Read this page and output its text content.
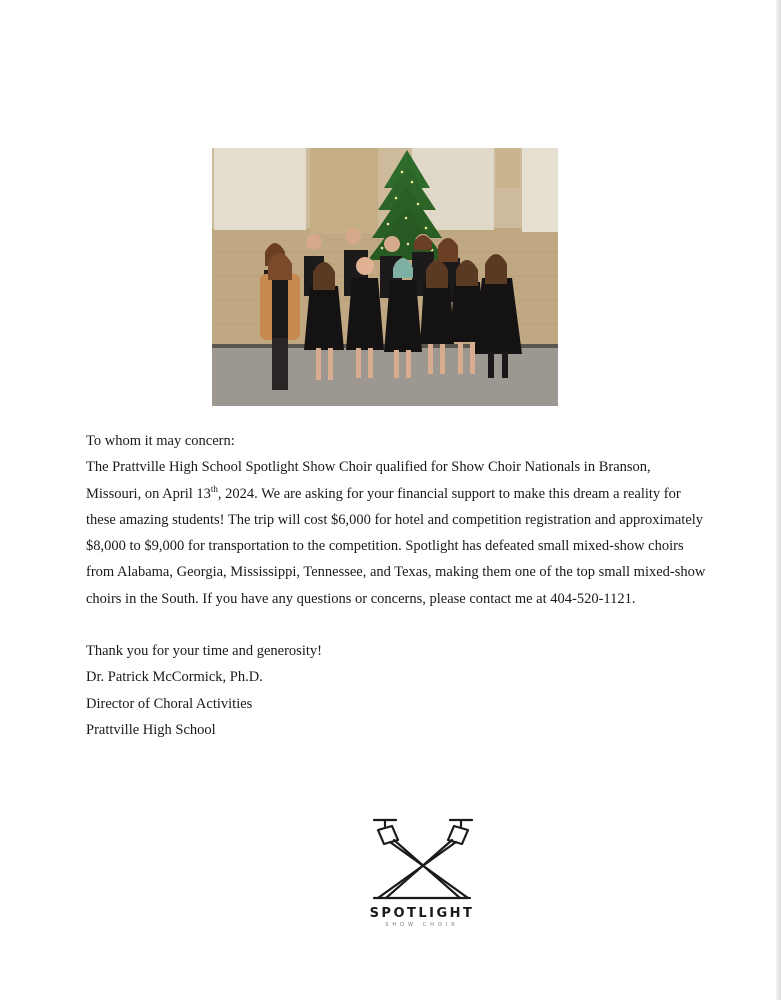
To whom it may concern:

The Prattville High School Spotlight Show Choir qualified for Show Choir Nationals in Branson, Missouri, on April 13th, 2024. We are asking for your financial support to make this dream a reality for these amazing students! The trip will cost $6,000 for hotel and competition registration and approximately $8,000 to $9,000 for transportation to the competition. Spotlight has defeated small mixed-show choirs from Alabama, Georgia, Mississippi, Tennessee, and Texas, making them one of the top small mixed-show choirs in the South. If you have any questions or concerns, please contact me at 404-520-1121.

Thank you for your time and generosity!

Dr. Patrick McCormick, Ph.D.

Director of Choral Activities

Prattville High School

SPOTLIGHT
SHOW CHOIR
